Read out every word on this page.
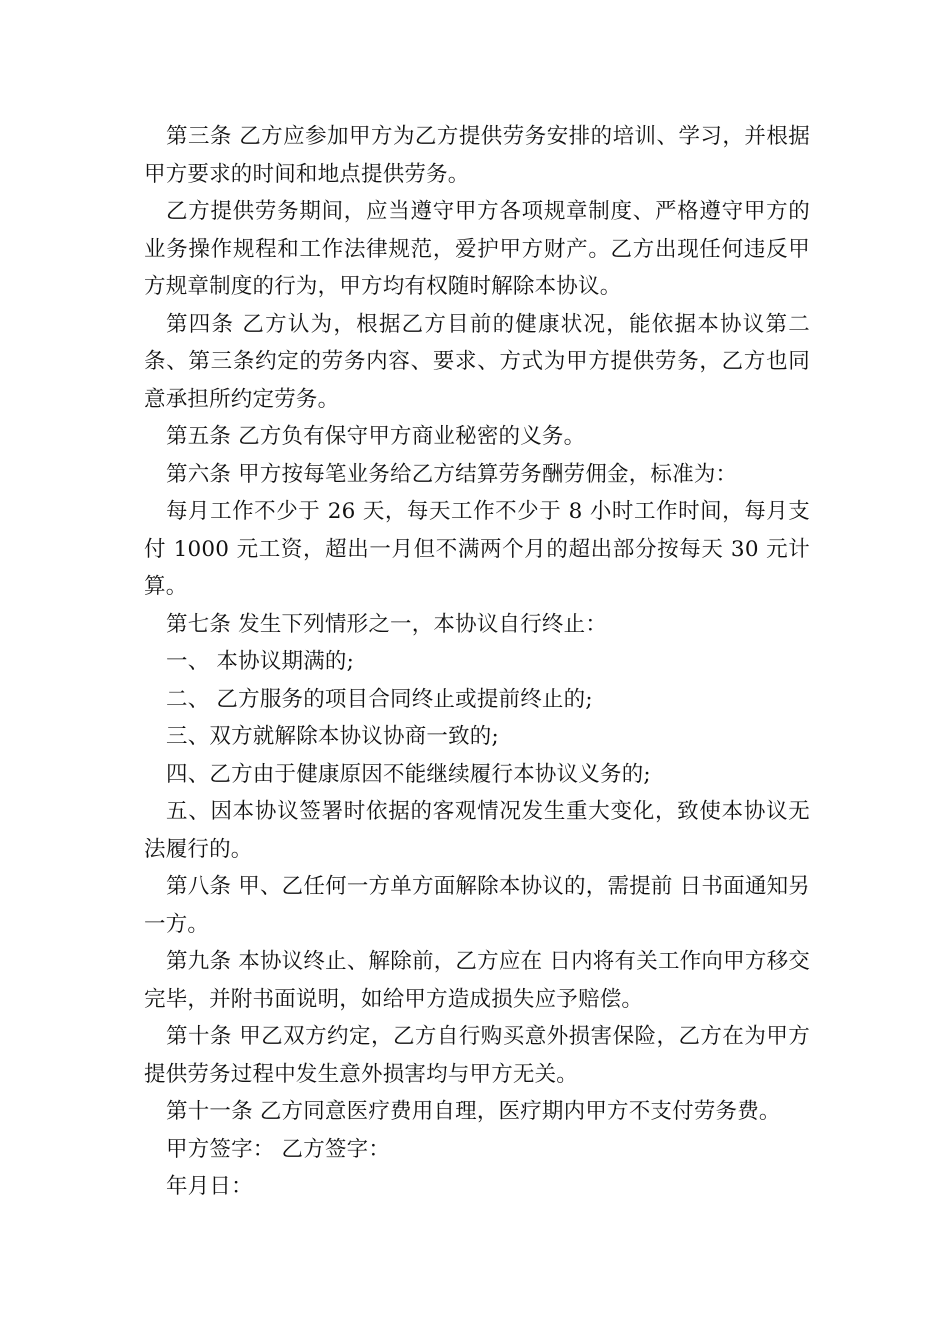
第三条 乙方应参加甲方为乙方提供劳务安排的培训、学习，并根据甲方要求的时间和地点提供劳务。

乙方提供劳务期间，应当遵守甲方各项规章制度、严格遵守甲方的业务操作规程和工作法律规范，爱护甲方财产。乙方出现任何违反甲方规章制度的行为，甲方均有权随时解除本协议。

第四条 乙方认为，根据乙方目前的健康状况，能依据本协议第二条、第三条约定的劳务内容、要求、方式为甲方提供劳务，乙方也同意承担所约定劳务。

第五条 乙方负有保守甲方商业秘密的义务。

第六条 甲方按每笔业务给乙方结算劳务酬劳佣金，标准为：

每月工作不少于 26 天，每天工作不少于 8 小时工作时间，每月支付 1000 元工资，超出一月但不满两个月的超出部分按每天 30 元计算。

第七条 发生下列情形之一，本协议自行终止：

一、 本协议期满的;

二、 乙方服务的项目合同终止或提前终止的;

三、双方就解除本协议协商一致的;

四、乙方由于健康原因不能继续履行本协议义务的;

五、因本协议签署时依据的客观情况发生重大变化，致使本协议无法履行的。

第八条 甲、乙任何一方单方面解除本协议的，需提前 日书面通知另一方。

第九条 本协议终止、解除前，乙方应在 日内将有关工作向甲方移交完毕，并附书面说明，如给甲方造成损失应予赔偿。

第十条 甲乙双方约定，乙方自行购买意外损害保险，乙方在为甲方提供劳务过程中发生意外损害均与甲方无关。

第十一条 乙方同意医疗费用自理，医疗期内甲方不支付劳务费。

甲方签字： 乙方签字：

年月日：
